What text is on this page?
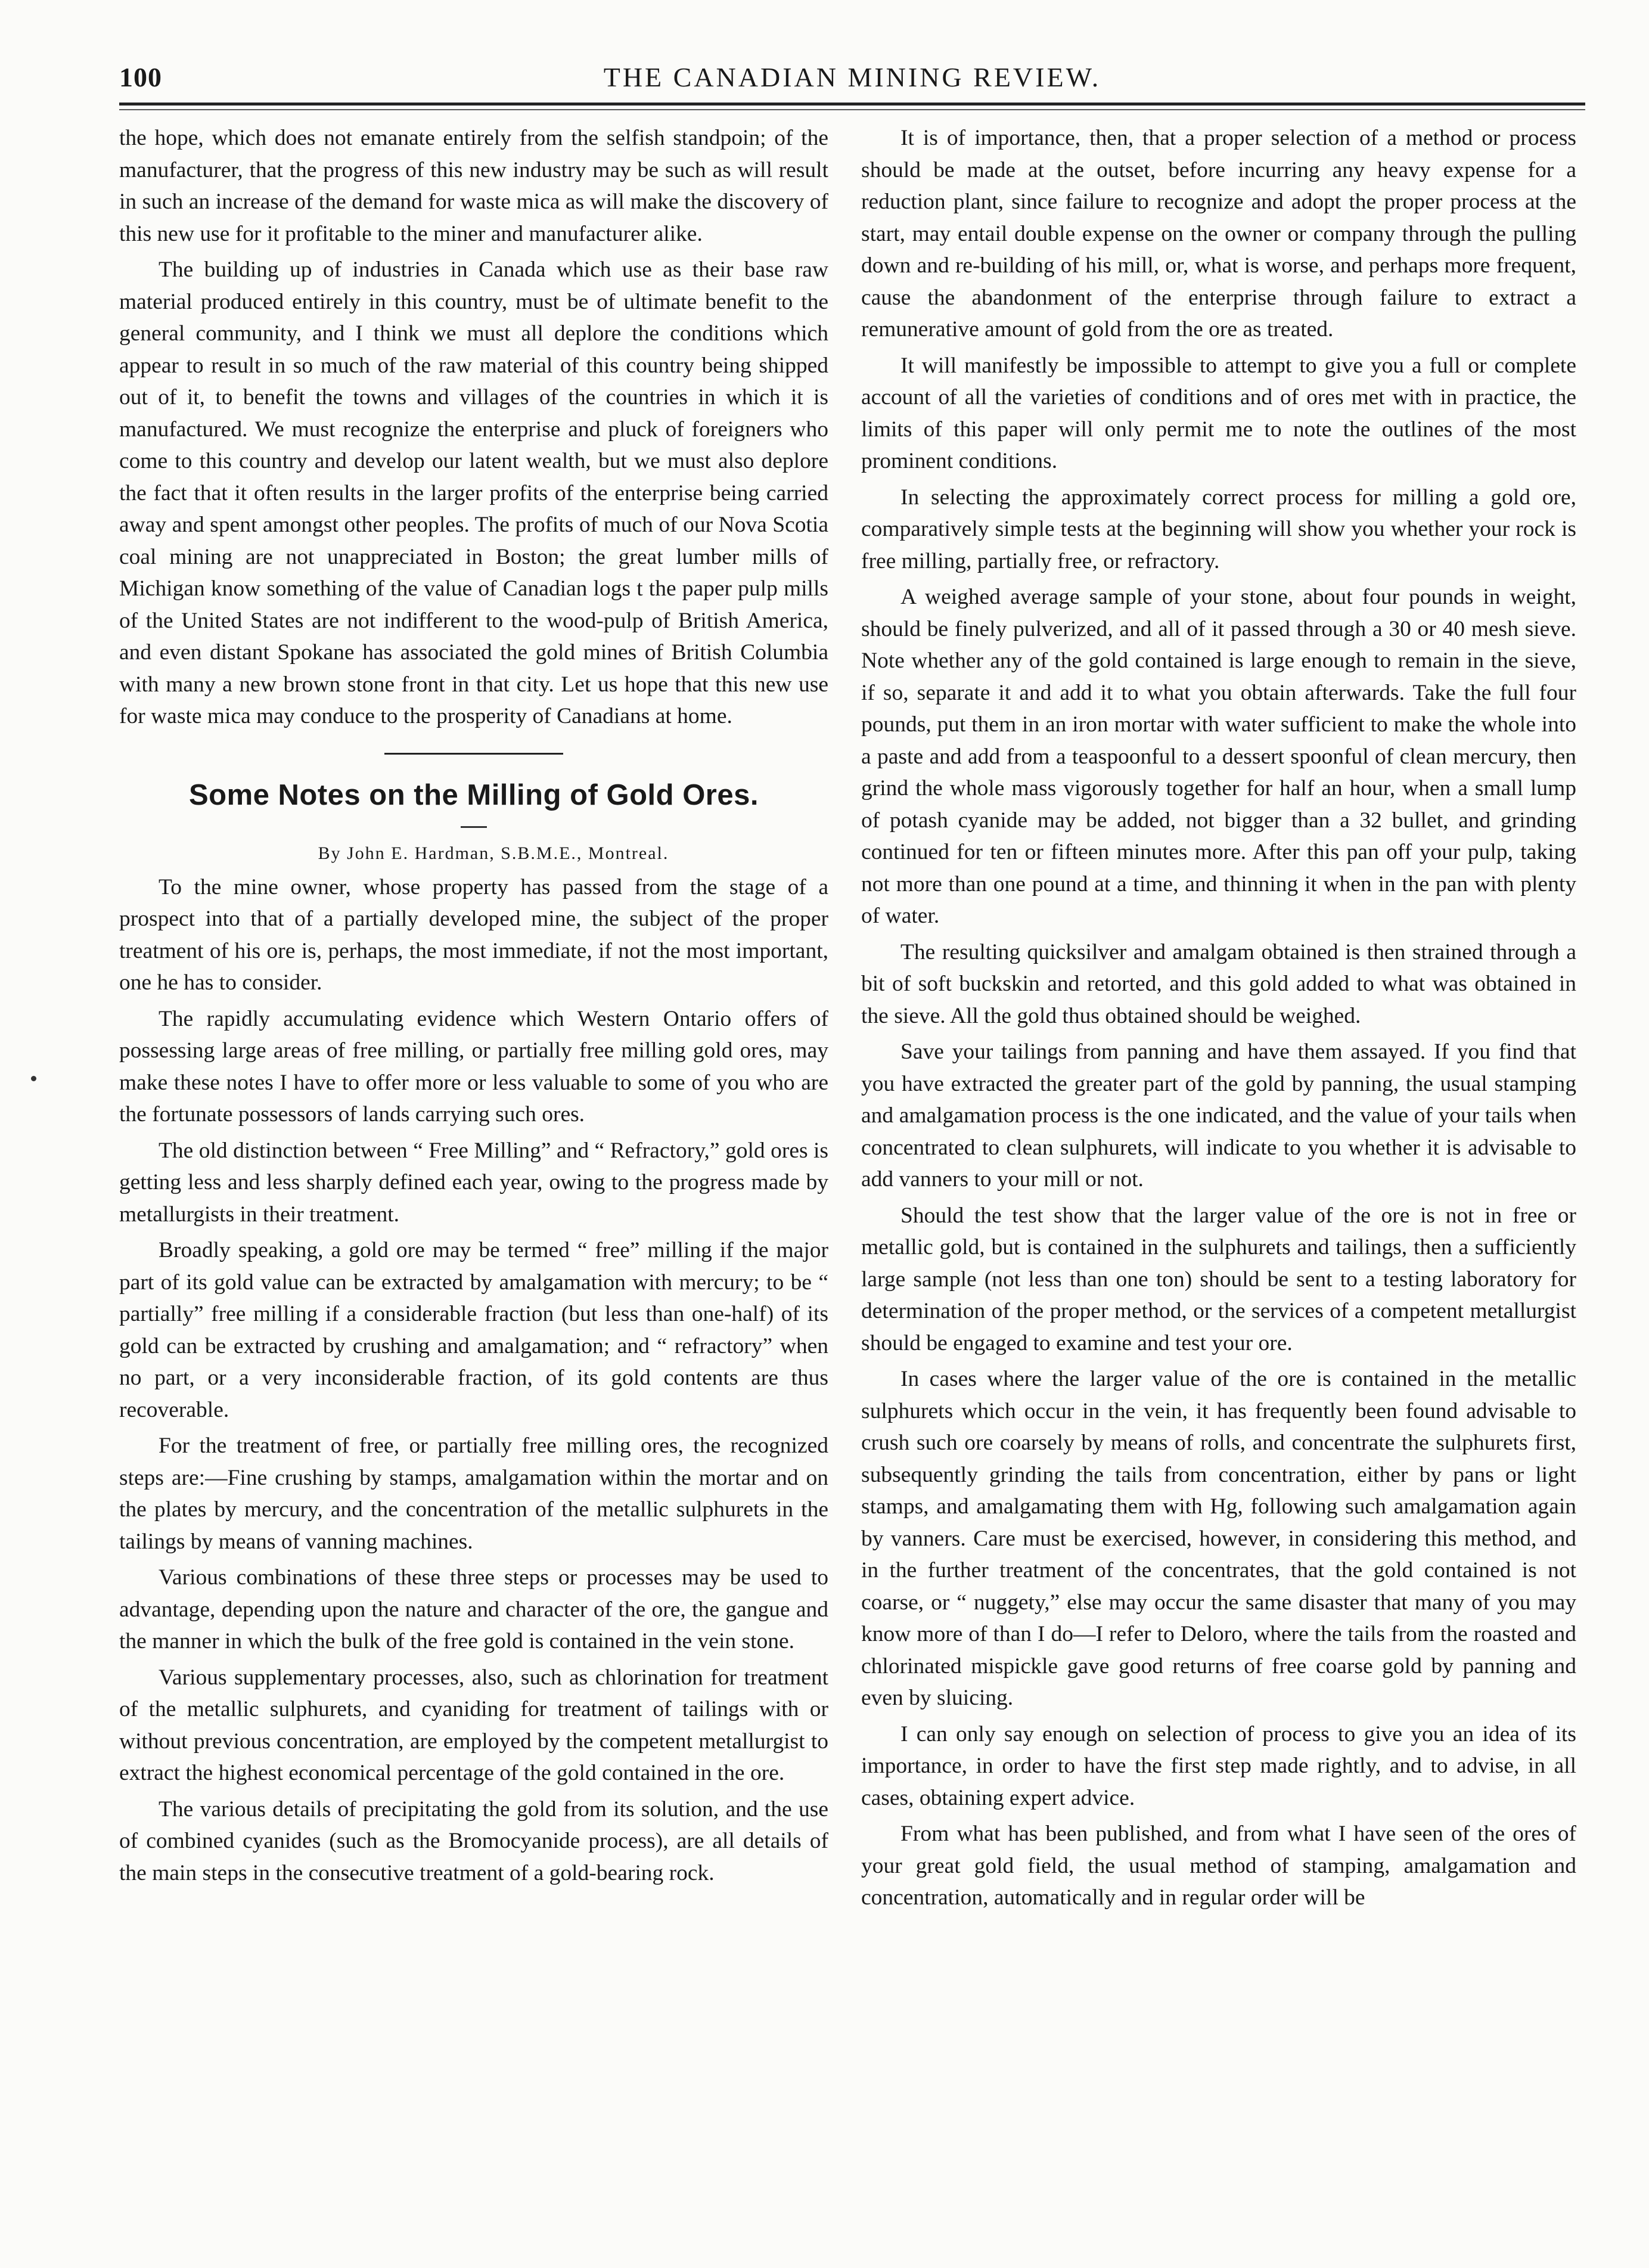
100	THE CANADIAN MINING REVIEW.

the hope, which does not emanate entirely from the selfish standpoin; of the manufacturer, that the progress of this new industry may be such as will result in such an increase of the demand for waste mica as will make the discovery of this new use for it profitable to the miner and manufacturer alike.

The building up of industries in Canada which use as their base raw material produced entirely in this country, must be of ultimate benefit to the general community, and I think we must all deplore the conditions which appear to result in so much of the raw material of this country being shipped out of it, to benefit the towns and villages of the countries in which it is manufactured. We must recognize the enterprise and pluck of foreigners who come to this country and develop our latent wealth, but we must also deplore the fact that it often results in the larger profits of the enterprise being carried away and spent amongst other peoples. The profits of much of our Nova Scotia coal mining are not unappreciated in Boston; the great lumber mills of Michigan know something of the value of Canadian logs t the paper pulp mills of the United States are not indifferent to the wood-pulp of British America, and even distant Spokane has associated the gold mines of British Columbia with many a new brown stone front in that city. Let us hope that this new use for waste mica may conduce to the prosperity of Canadians at home.

Some Notes on the Milling of Gold Ores.

By John E. Hardman, S.B.M.E., Montreal.

To the mine owner, whose property has passed from the stage of a prospect into that of a partially developed mine, the subject of the proper treatment of his ore is, perhaps, the most immediate, if not the most important, one he has to consider.

The rapidly accumulating evidence which Western Ontario offers of possessing large areas of free milling, or partially free milling gold ores, may make these notes I have to offer more or less valuable to some of you who are the fortunate possessors of lands carrying such ores.

The old distinction between “ Free Milling” and “ Refractory,” gold ores is getting less and less sharply defined each year, owing to the progress made by metallurgists in their treatment.

Broadly speaking, a gold ore may be termed “ free” milling if the major part of its gold value can be extracted by amalgamation with mercury; to be “ partially” free milling if a considerable fraction (but less than one-half) of its gold can be extracted by crushing and amalgamation; and “ refractory” when no part, or a very inconsiderable fraction, of its gold contents are thus recoverable.

For the treatment of free, or partially free milling ores, the recognized steps are:—Fine crushing by stamps, amalgamation within the mortar and on the plates by mercury, and the concentration of the metallic sulphurets in the tailings by means of vanning machines.

Various combinations of these three steps or processes may be used to advantage, depending upon the nature and character of the ore, the gangue and the manner in which the bulk of the free gold is contained in the vein stone.

Various supplementary processes, also, such as chlorination for treatment of the metallic sulphurets, and cyaniding for treatment of tailings with or without previous concentration, are employed by the competent metallurgist to extract the highest economical percentage of the gold contained in the ore.

The various details of precipitating the gold from its solution, and the use of combined cyanides (such as the Bromocyanide process), are all details of the main steps in the consecutive treatment of a gold-bearing rock.

It is of importance, then, that a proper selection of a method or process should be made at the outset, before incurring any heavy expense for a reduction plant, since failure to recognize and adopt the proper process at the start, may entail double expense on the owner or company through the pulling down and re-building of his mill, or, what is worse, and perhaps more frequent, cause the abandonment of the enterprise through failure to extract a remunerative amount of gold from the ore as treated.

It will manifestly be impossible to attempt to give you a full or complete account of all the varieties of conditions and of ores met with in practice, the limits of this paper will only permit me to note the outlines of the most prominent conditions.

In selecting the approximately correct process for milling a gold ore, comparatively simple tests at the beginning will show you whether your rock is free milling, partially free, or refractory.

A weighed average sample of your stone, about four pounds in weight, should be finely pulverized, and all of it passed through a 30 or 40 mesh sieve. Note whether any of the gold contained is large enough to remain in the sieve, if so, separate it and add it to what you obtain afterwards. Take the full four pounds, put them in an iron mortar with water sufficient to make the whole into a paste and add from a teaspoonful to a dessert spoonful of clean mercury, then grind the whole mass vigorously together for half an hour, when a small lump of potash cyanide may be added, not bigger than a 32 bullet, and grinding continued for ten or fifteen minutes more. After this pan off your pulp, taking not more than one pound at a time, and thinning it when in the pan with plenty of water.

The resulting quicksilver and amalgam obtained is then strained through a bit of soft buckskin and retorted, and this gold added to what was obtained in the sieve. All the gold thus obtained should be weighed.

Save your tailings from panning and have them assayed. If you find that you have extracted the greater part of the gold by panning, the usual stamping and amalgamation process is the one indicated, and the value of your tails when concentrated to clean sulphurets, will indicate to you whether it is advisable to add vanners to your mill or not.

Should the test show that the larger value of the ore is not in free or metallic gold, but is contained in the sulphurets and tailings, then a sufficiently large sample (not less than one ton) should be sent to a testing laboratory for determination of the proper method, or the services of a competent metallurgist should be engaged to examine and test your ore.

In cases where the larger value of the ore is contained in the metallic sulphurets which occur in the vein, it has frequently been found advisable to crush such ore coarsely by means of rolls, and concentrate the sulphurets first, subsequently grinding the tails from concentration, either by pans or light stamps, and amalgamating them with Hg, following such amalgamation again by vanners. Care must be exercised, however, in considering this method, and in the further treatment of the concentrates, that the gold contained is not coarse, or “ nuggety,” else may occur the same disaster that many of you may know more of than I do—I refer to Deloro, where the tails from the roasted and chlorinated mispickle gave good returns of free coarse gold by panning and even by sluicing.

I can only say enough on selection of process to give you an idea of its importance, in order to have the first step made rightly, and to advise, in all cases, obtaining expert advice.

From what has been published, and from what I have seen of the ores of your great gold field, the usual method of stamping, amalgamation and concentration, automatically and in regular order will be
